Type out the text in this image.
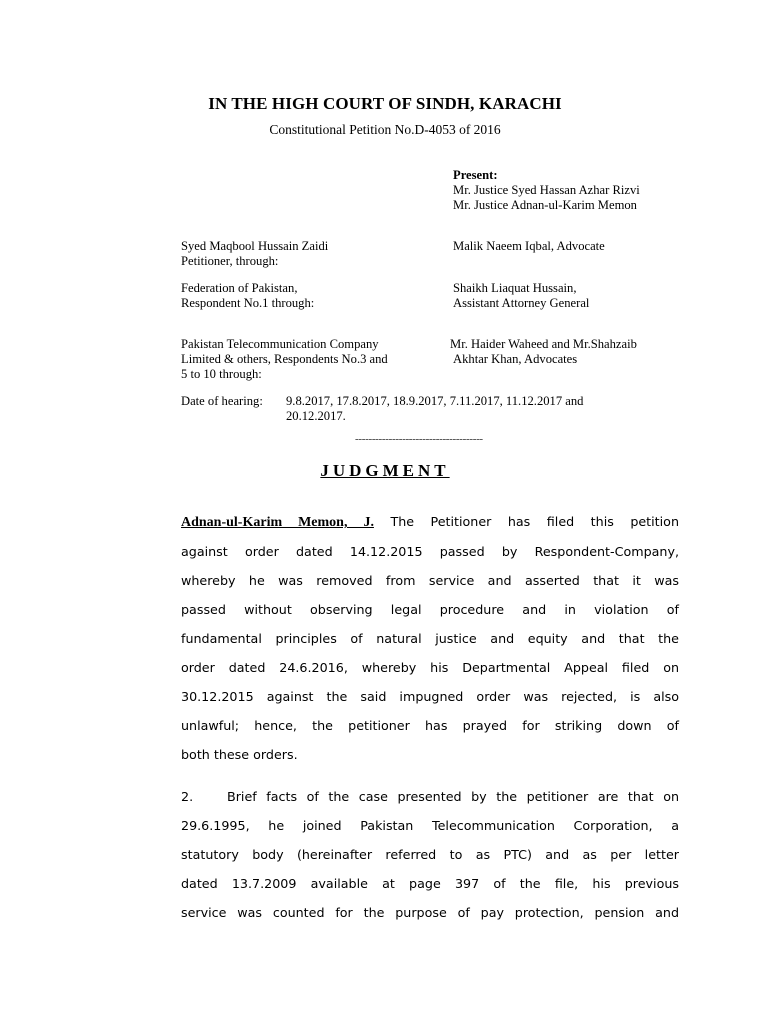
IN THE HIGH COURT OF SINDH, KARACHI
Constitutional Petition No.D-4053 of 2016
Present:
Mr. Justice Syed Hassan Azhar Rizvi
Mr. Justice Adnan-ul-Karim Memon
Syed Maqbool Hussain Zaidi
Petitioner, through:
Malik Naeem Iqbal, Advocate
Federation of Pakistan,
Respondent No.1 through:
Shaikh Liaquat Hussain,
Assistant Attorney General
Pakistan Telecommunication Company
Limited & others, Respondents No.3 and
5 to 10 through:
Mr. Haider Waheed and Mr.Shahzaib
Akhtar Khan, Advocates
Date of hearing: 9.8.2017, 17.8.2017, 18.9.2017, 7.11.2017, 11.12.2017 and
20.12.2017.
--------------------------------------
JUDGMENT
Adnan-ul-Karim Memon, J. The Petitioner has filed this petition
against order dated 14.12.2015 passed by Respondent-Company,
whereby he was removed from service and asserted that it was
passed without observing legal procedure and in violation of
fundamental principles of natural justice and equity and that the
order dated 24.6.2016, whereby his Departmental Appeal filed on
30.12.2015 against the said impugned order was rejected, is also
unlawful; hence, the petitioner has prayed for striking down of
both these orders.
2.	Brief facts of the case presented by the petitioner are that on
29.6.1995, he joined Pakistan Telecommunication Corporation, a
statutory body (hereinafter referred to as PTC) and as per letter
dated 13.7.2009 available at page 397 of the file, his previous
service was counted for the purpose of pay protection, pension and
